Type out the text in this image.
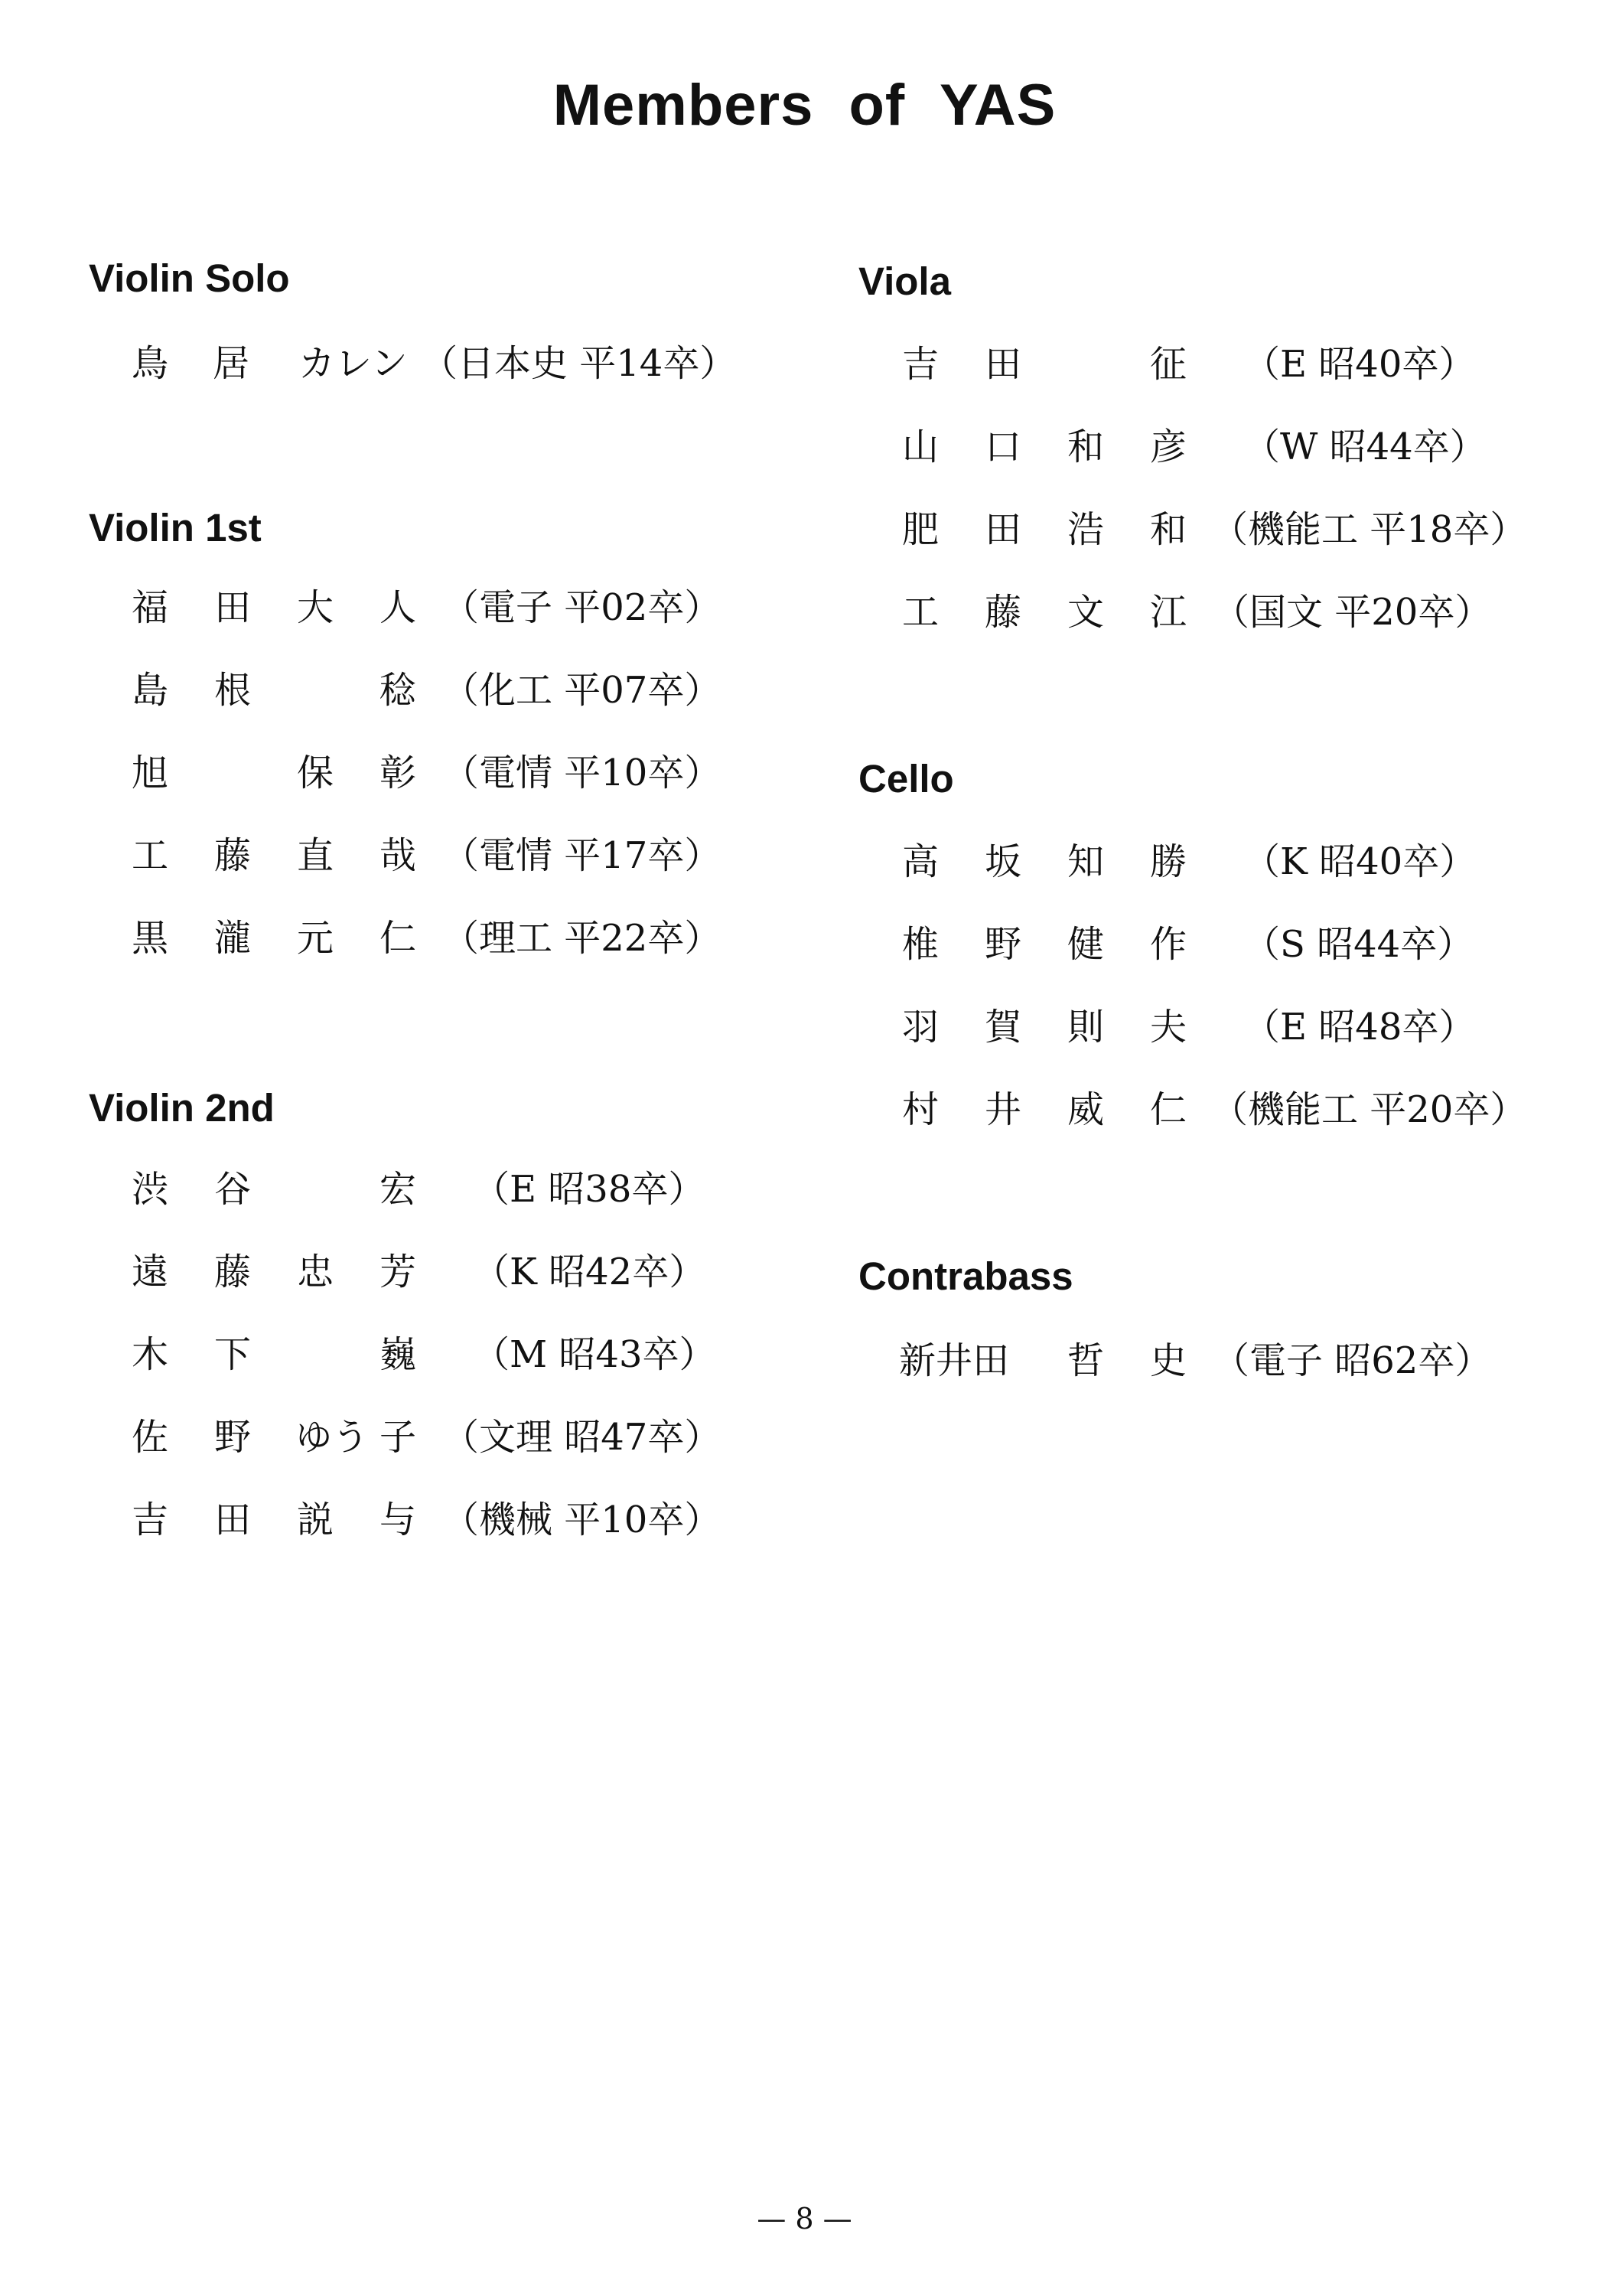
Members of YAS
Violin Solo
鳥 居 カレン （日本史 平14卒）
Violin 1st
福 田 大 人 （電子 平02卒）
島 根	稔 （化工 平07卒）
旭	保 彰 （電情 平10卒）
工 藤 直 哉 （電情 平17卒）
黒 瀧 元 仁 （理工 平22卒）
Violin 2nd
渋 谷	宏 （E 昭38卒）
遠 藤 忠 芳 （K 昭42卒）
木 下	巍 （M 昭43卒）
佐 野 ゆう 子 （文理 昭47卒）
吉 田 説 与 （機械 平10卒）
Viola
吉 田	征 （E 昭40卒）
山 口 和 彦 （W 昭44卒）
肥 田 浩 和 （機能工 平18卒）
工 藤 文 江 （国文 平20卒）
Cello
高 坂 知 勝 （K 昭40卒）
椎 野 健 作 （S 昭44卒）
羽 賀 則 夫 （E 昭48卒）
村 井 威 仁 （機能工 平20卒）
Contrabass
新井田	哲 史 （電子 昭62卒）
— 8 —
